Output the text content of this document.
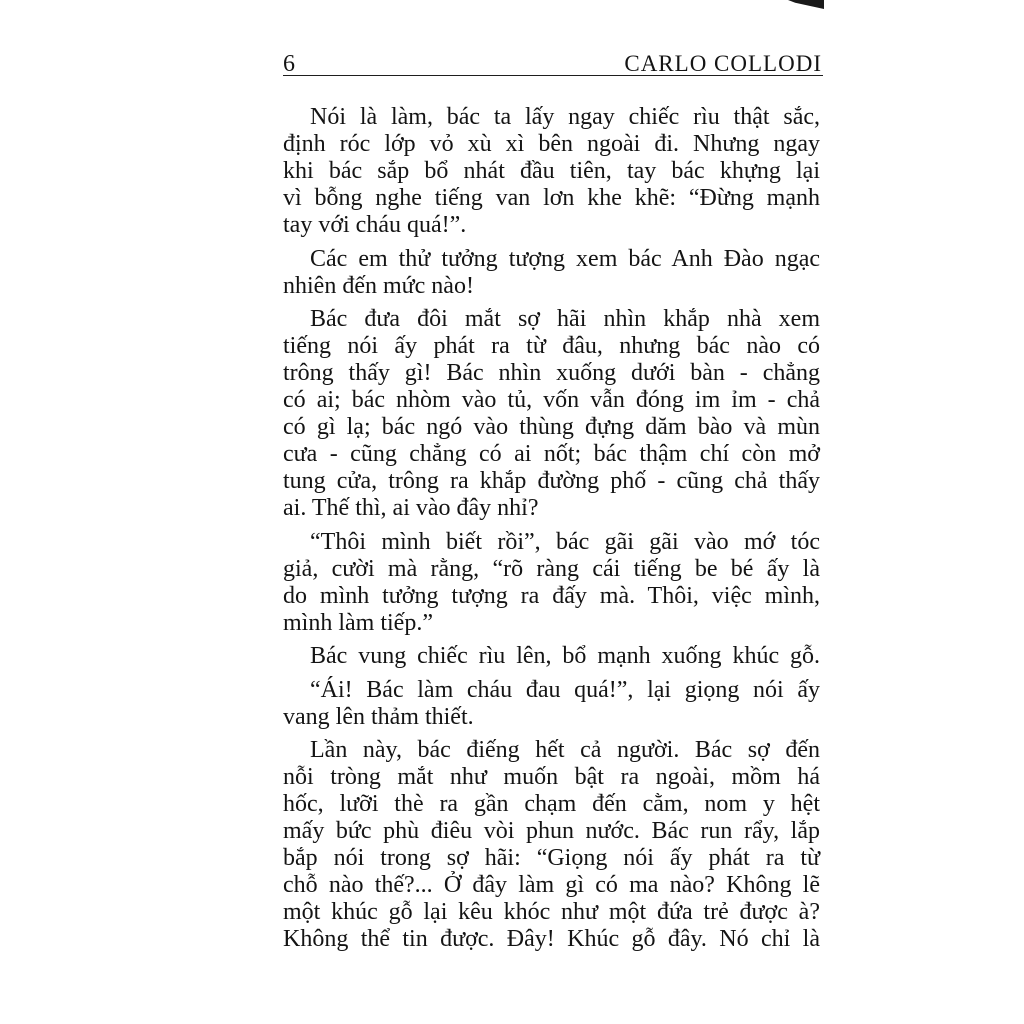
6	CARLO COLLODI
Nói là làm, bác ta lấy ngay chiếc rìu thật sắc,
định róc lớp vỏ xù xì bên ngoài đi. Nhưng ngay
khi bác sắp bổ nhát đầu tiên, tay bác khựng lại
vì bỗng nghe tiếng van lơn khe khẽ: “Đừng mạnh
tay với cháu quá!”.
Các em thử tưởng tượng xem bác Anh Đào ngạc
nhiên đến mức nào!
Bác đưa đôi mắt sợ hãi nhìn khắp nhà xem
tiếng nói ấy phát ra từ đâu, nhưng bác nào có
trông thấy gì! Bác nhìn xuống dưới bàn - chẳng
có ai; bác nhòm vào tủ, vốn vẫn đóng im ỉm - chả
có gì lạ; bác ngó vào thùng đựng dăm bào và mùn
cưa - cũng chẳng có ai nốt; bác thậm chí còn mở
tung cửa, trông ra khắp đường phố - cũng chả thấy
ai. Thế thì, ai vào đây nhỉ?
“Thôi mình biết rồi”, bác gãi gãi vào mớ tóc
giả, cười mà rằng, “rõ ràng cái tiếng be bé ấy là
do mình tưởng tượng ra đấy mà. Thôi, việc mình,
mình làm tiếp.”
Bác vung chiếc rìu lên, bổ mạnh xuống khúc gỗ.
“Ái! Bác làm cháu đau quá!”, lại giọng nói ấy
vang lên thảm thiết.
Lần này, bác điếng hết cả người. Bác sợ đến
nỗi tròng mắt như muốn bật ra ngoài, mồm há
hốc, lưỡi thè ra gần chạm đến cằm, nom y hệt
mấy bức phù điêu vòi phun nước. Bác run rẩy, lắp
bắp nói trong sợ hãi: “Giọng nói ấy phát ra từ
chỗ nào thế?... Ở đây làm gì có ma nào? Không lẽ
một khúc gỗ lại kêu khóc như một đứa trẻ được à?
Không thể tin được. Đây! Khúc gỗ đây. Nó chỉ là
